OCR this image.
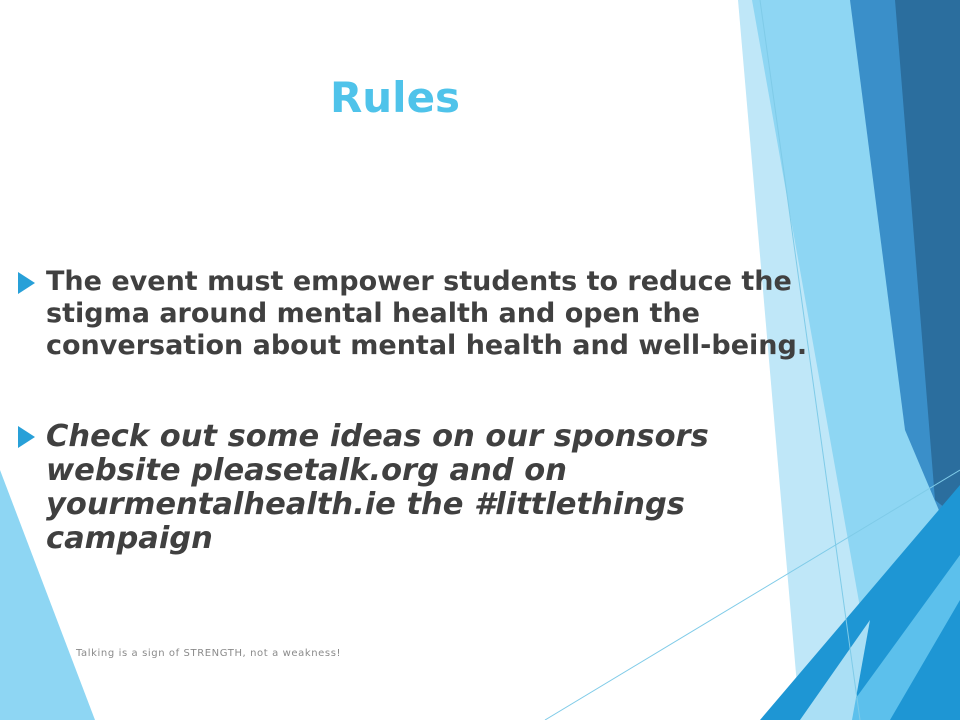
Rules
The event must empower students to reduce the stigma around mental health and open the conversation about mental health and well-being.
Check out some ideas on our sponsors website pleasetalk.org and on yourmentalhealth.ie the #littlethings campaign
Talking is a sign of STRENGTH, not a weakness!
